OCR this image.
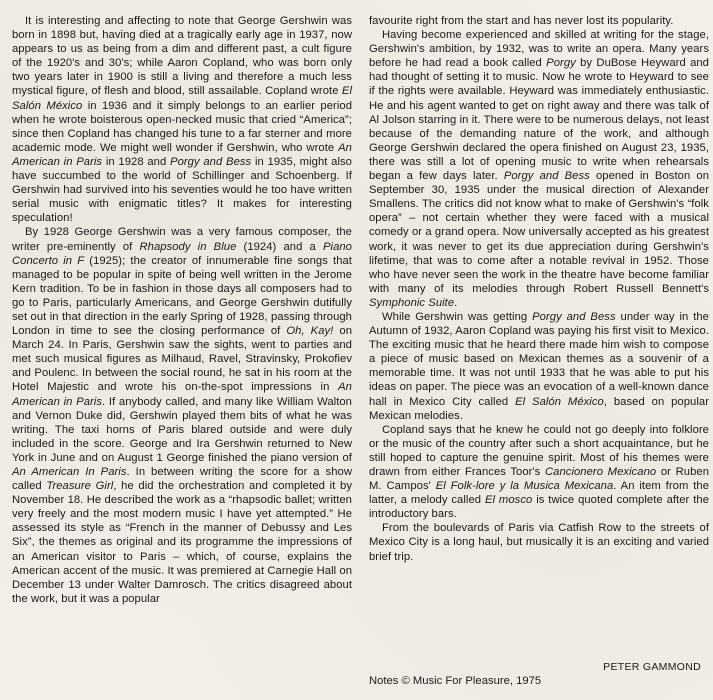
It is interesting and affecting to note that George Gershwin was born in 1898 but, having died at a tragically early age in 1937, now appears to us as being from a dim and different past, a cult figure of the 1920's and 30's; while Aaron Copland, who was born only two years later in 1900 is still a living and therefore a much less mystical figure, of flesh and blood, still assailable. Copland wrote El Salón México in 1936 and it simply belongs to an earlier period when he wrote boisterous open-necked music that cried “America”; since then Copland has changed his tune to a far sterner and more academic mode. We might well wonder if Gershwin, who wrote An American in Paris in 1928 and Porgy and Bess in 1935, might also have succumbed to the world of Schillinger and Schoenberg. If Gershwin had survived into his seventies would he too have written serial music with enigmatic titles? It makes for interesting speculation!

By 1928 George Gershwin was a very famous composer, the writer pre-eminently of Rhapsody in Blue (1924) and a Piano Concerto in F (1925); the creator of innumerable fine songs that managed to be popular in spite of being well written in the Jerome Kern tradition. To be in fashion in those days all composers had to go to Paris, particularly Americans, and George Gershwin dutifully set out in that direction in the early Spring of 1928, passing through London in time to see the closing performance of Oh, Kay! on March 24. In Paris, Gershwin saw the sights, went to parties and met such musical figures as Milhaud, Ravel, Stravinsky, Prokofiev and Poulenc. In between the social round, he sat in his room at the Hotel Majestic and wrote his on-the-spot impressions in An American in Paris. If anybody called, and many like William Walton and Vernon Duke did, Gershwin played them bits of what he was writing. The taxi horns of Paris blared outside and were duly included in the score. George and Ira Gershwin returned to New York in June and on August 1 George finished the piano version of An American In Paris. In between writing the score for a show called Treasure Girl, he did the orchestration and completed it by November 18. He described the work as a “rhapsodic ballet; written very freely and the most modern music I have yet attempted.” He assessed its style as “French in the manner of Debussy and Les Six”, the themes as original and its programme the impressions of an American visitor to Paris – which, of course, explains the American accent of the music. It was premiered at Carnegie Hall on December 13 under Walter Damrosch. The critics disagreed about the work, but it was a popular

favourite right from the start and has never lost its popularity.

Having become experienced and skilled at writing for the stage, Gershwin's ambition, by 1932, was to write an opera. Many years before he had read a book called Porgy by DuBose Heyward and had thought of setting it to music. Now he wrote to Heyward to see if the rights were available. Heyward was immediately enthusiastic. He and his agent wanted to get on right away and there was talk of Al Jolson starring in it. There were to be numerous delays, not least because of the demanding nature of the work, and although George Gershwin declared the opera finished on August 23, 1935, there was still a lot of opening music to write when rehearsals began a few days later. Porgy and Bess opened in Boston on September 30, 1935 under the musical direction of Alexander Smallens. The critics did not know what to make of Gershwin's “folk opera” – not certain whether they were faced with a musical comedy or a grand opera. Now universally accepted as his greatest work, it was never to get its due appreciation during Gershwin's lifetime, that was to come after a notable revival in 1952. Those who have never seen the work in the theatre have become familiar with many of its melodies through Robert Russell Bennett's Symphonic Suite.

While Gershwin was getting Porgy and Bess under way in the Autumn of 1932, Aaron Copland was paying his first visit to Mexico. The exciting music that he heard there made him wish to compose a piece of music based on Mexican themes as a souvenir of a memorable time. It was not until 1933 that he was able to put his ideas on paper. The piece was an evocation of a well-known dance hall in Mexico City called El Salón México, based on popular Mexican melodies.

Copland says that he knew he could not go deeply into folklore or the music of the country after such a short acquaintance, but he still hoped to capture the genuine spirit. Most of his themes were drawn from either Frances Toor's Cancionero Mexicano or Ruben M. Campos' El Folk-lore y la Musica Mexicana. An item from the latter, a melody called El mosco is twice quoted complete after the introductory bars.

From the boulevards of Paris via Catfish Row to the streets of Mexico City is a long haul, but musically it is an exciting and varied brief trip.

PETER GAMMOND
Notes © Music For Pleasure, 1975
